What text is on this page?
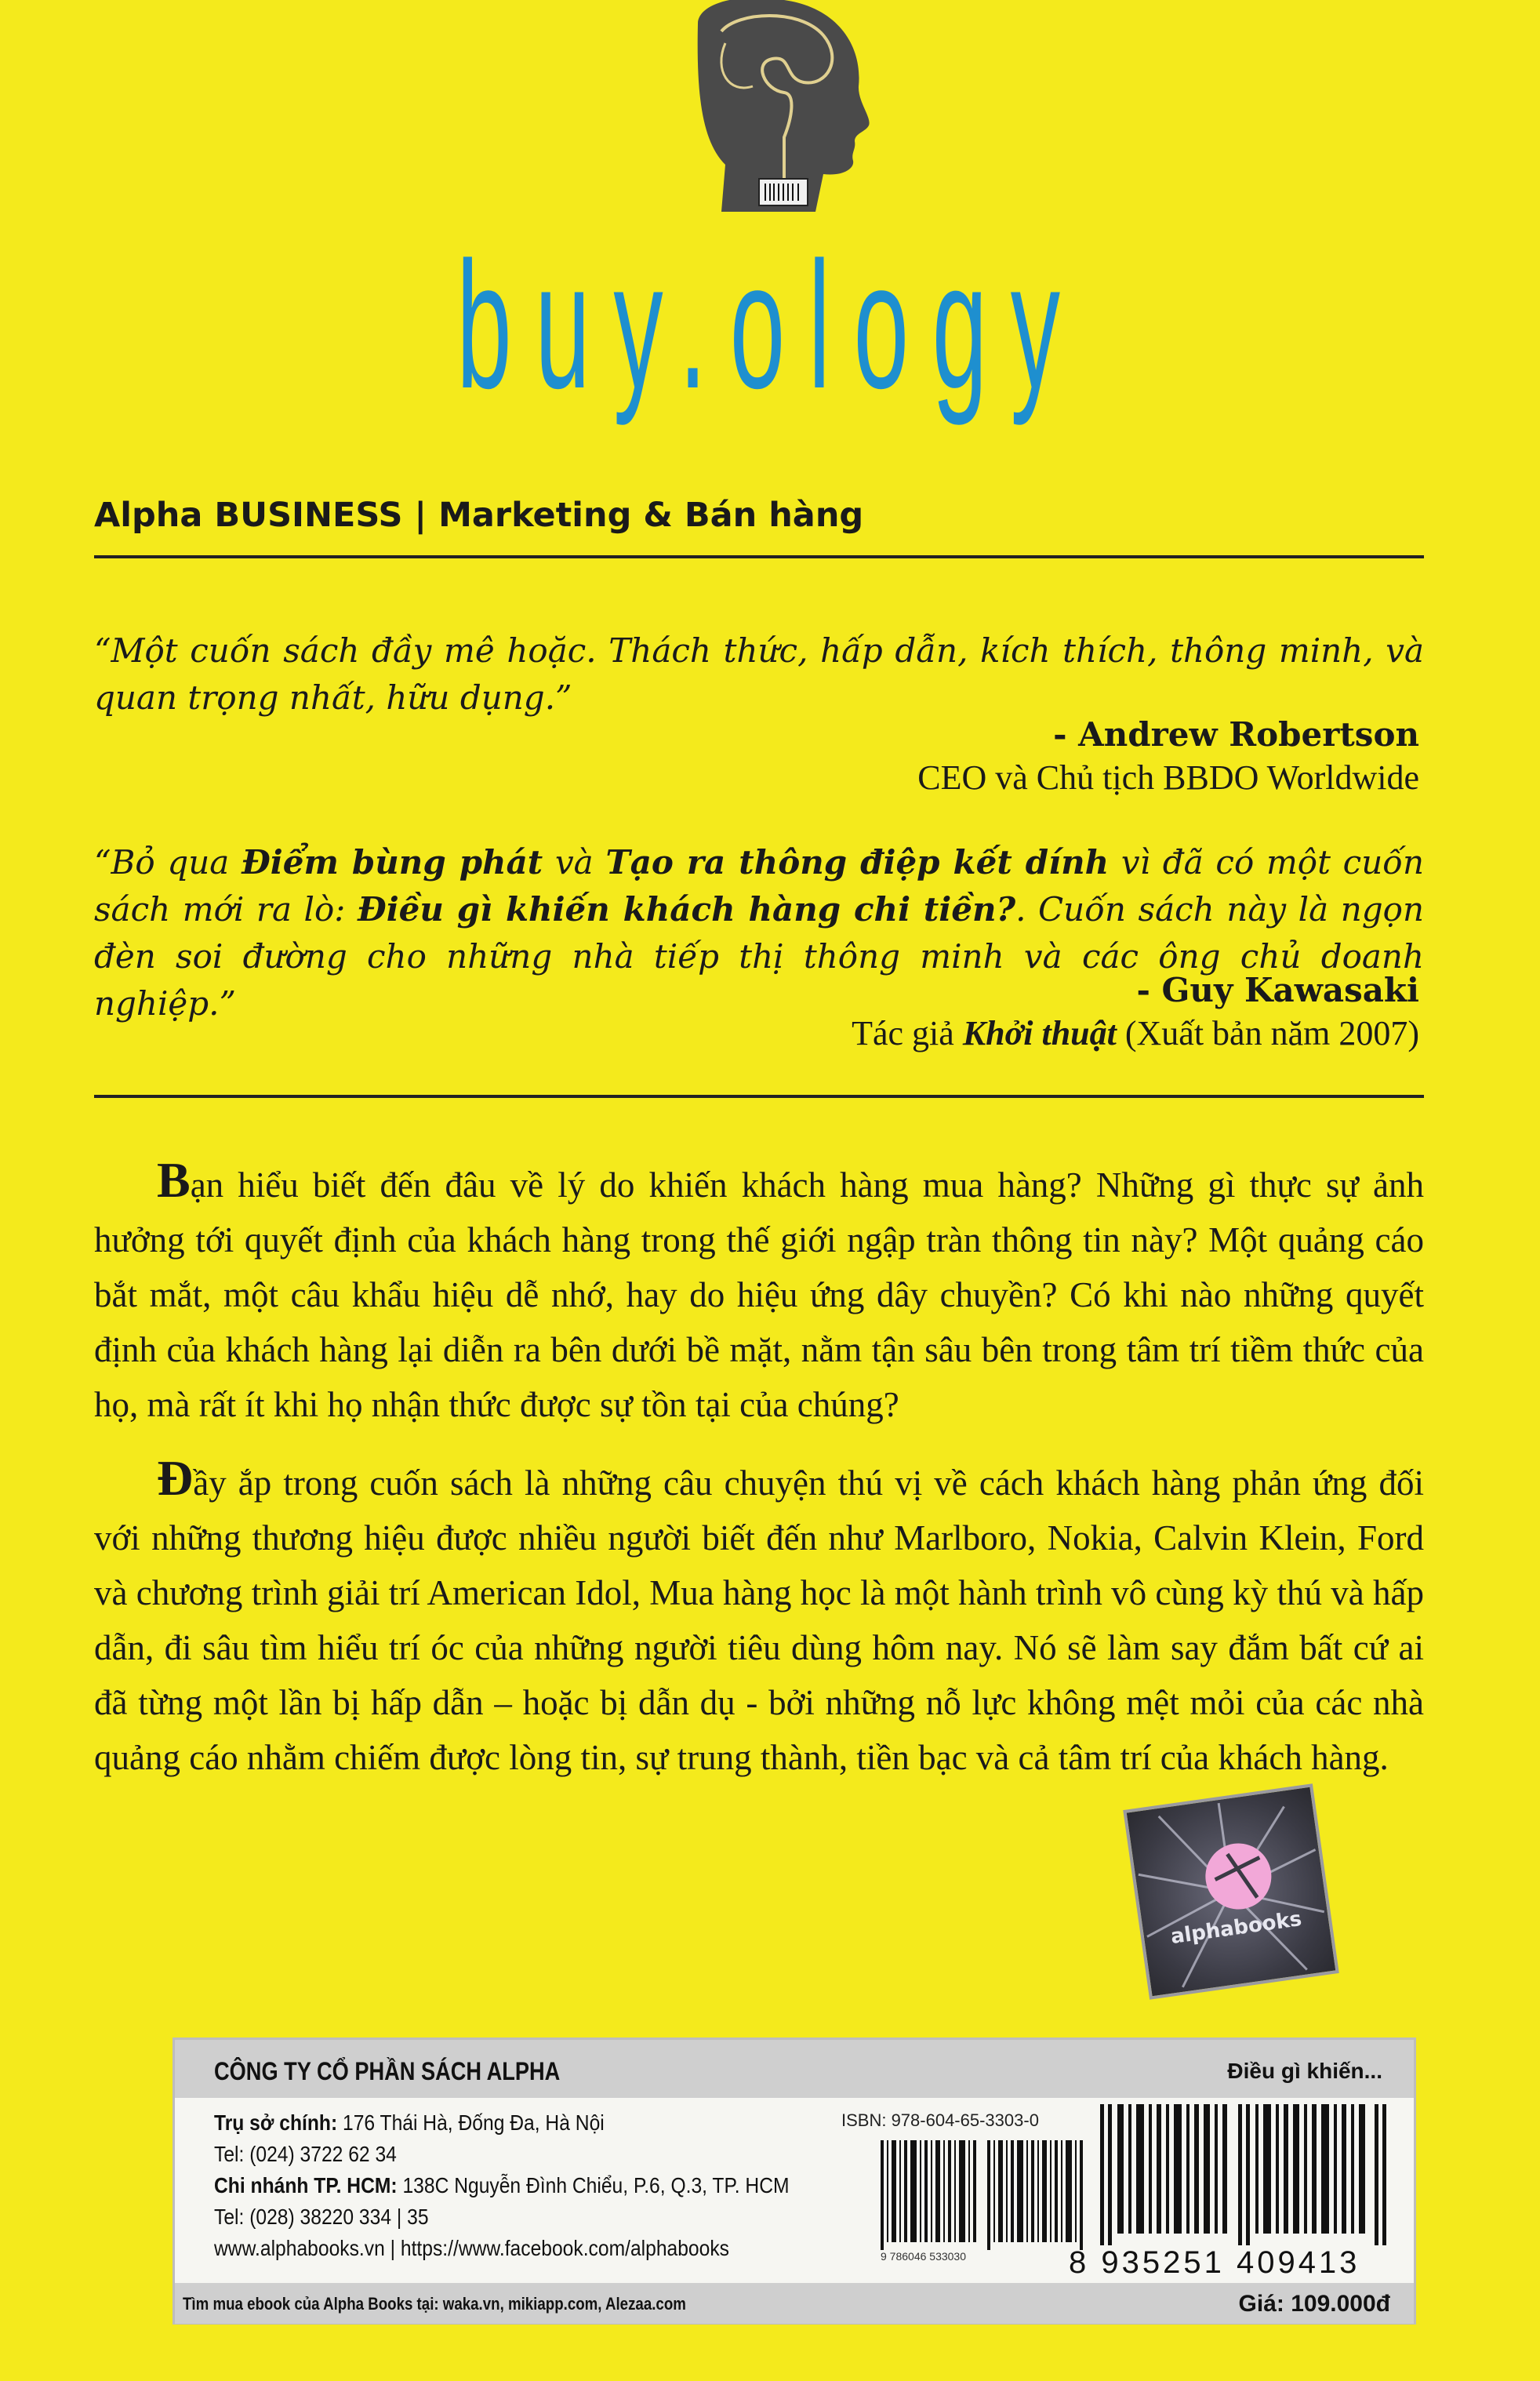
buy.ology
Alpha BUSINESS | Marketing & Bán hàng
“Một cuốn sách đầy mê hoặc. Thách thức, hấp dẫn, kích thích, thông minh, và quan trọng nhất, hữu dụng.”
- Andrew Robertson
CEO và Chủ tịch BBDO Worldwide
“Bỏ qua Điểm bùng phát và Tạo ra thông điệp kết dính vì đã có một cuốn sách mới ra lò: Điều gì khiến khách hàng chi tiền?. Cuốn sách này là ngọn đèn soi đường cho những nhà tiếp thị thông minh và các ông chủ doanh nghiệp.”	- Guy Kawasaki
Tác giả Khởi thuật (Xuất bản năm 2007)
Bạn hiểu biết đến đâu về lý do khiến khách hàng mua hàng? Những gì thực sự ảnh hưởng tới quyết định của khách hàng trong thế giới ngập tràn thông tin này? Một quảng cáo bắt mắt, một câu khẩu hiệu dễ nhớ, hay do hiệu ứng dây chuyền? Có khi nào những quyết định của khách hàng lại diễn ra bên dưới bề mặt, nằm tận sâu bên trong tâm trí tiềm thức của họ, mà rất ít khi họ nhận thức được sự tồn tại của chúng?
Đầy ắp trong cuốn sách là những câu chuyện thú vị về cách khách hàng phản ứng đối với những thương hiệu được nhiều người biết đến như Marlboro, Nokia, Calvin Klein, Ford và chương trình giải trí American Idol, Mua hàng học là một hành trình vô cùng kỳ thú và hấp dẫn, đi sâu tìm hiểu trí óc của những người tiêu dùng hôm nay. Nó sẽ làm say đắm bất cứ ai đã từng một lần bị hấp dẫn – hoặc bị dẫn dụ - bởi những nỗ lực không mệt mỏi của các nhà quảng cáo nhằm chiếm được lòng tin, sự trung thành, tiền bạc và cả tâm trí của khách hàng.
alphabooks
CÔNG TY CỔ PHẦN SÁCH ALPHA	Điều gì khiến...
Trụ sở chính: 176 Thái Hà, Đống Đa, Hà Nội
Tel: (024) 3722 62 34
Chi nhánh TP. HCM: 138C Nguyễn Đình Chiểu, P.6, Q.3, TP. HCM
Tel: (028) 38220 334 | 35
www.alphabooks.vn | https://www.facebook.com/alphabooks
ISBN: 978-604-65-3303-0
9 786046 533030	8 935251 409413
Tìm mua ebook của Alpha Books tại: waka.vn, mikiapp.com, Alezaa.com	Giá: 109.000đ
